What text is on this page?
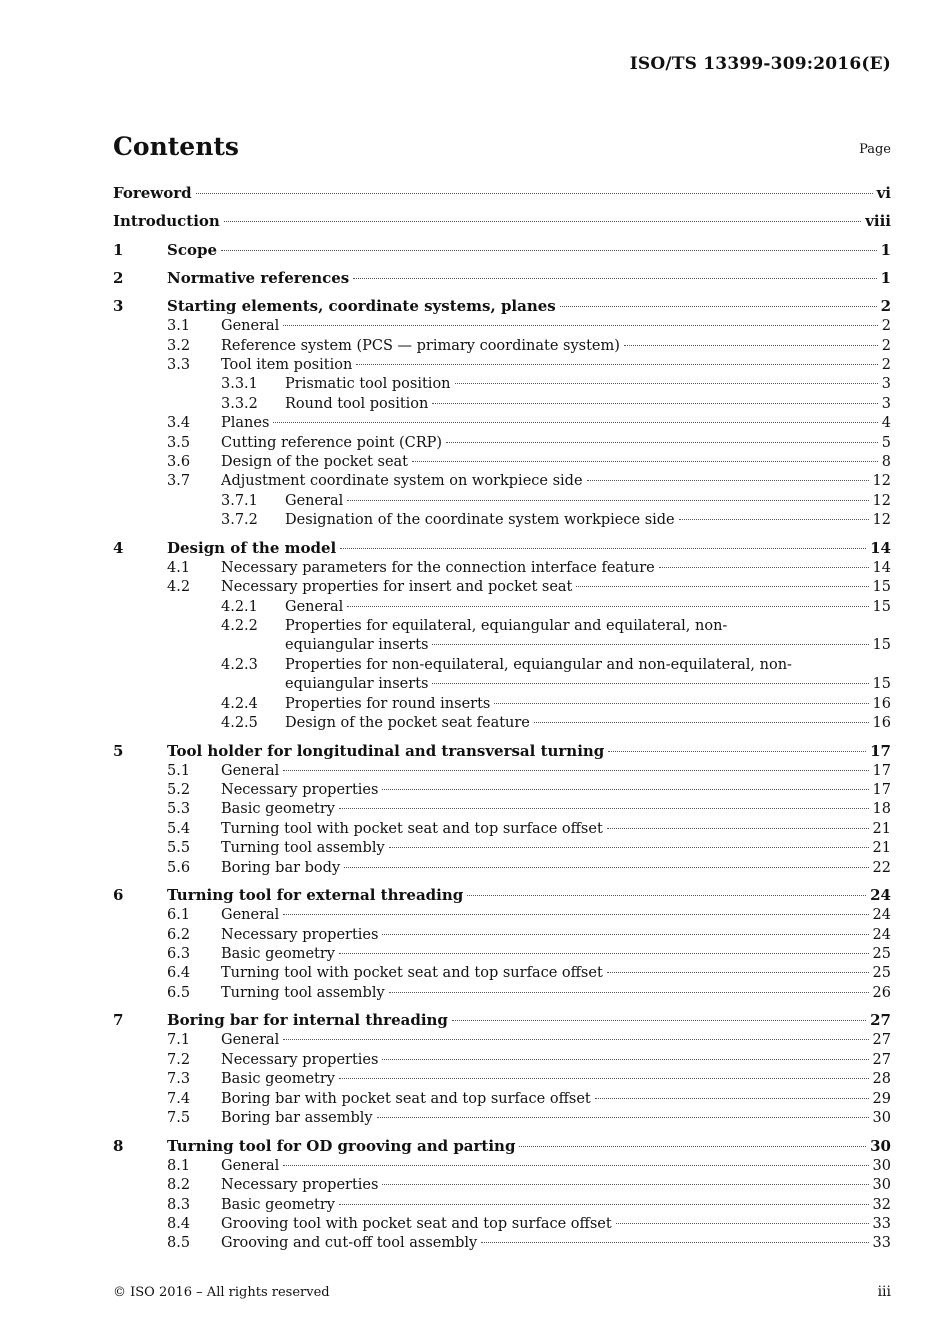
ISO/TS 13399-309:2016(E)
Contents	Page
Foreword	vi
Introduction	viii
1	Scope	1
2	Normative references	1
3	Starting elements, coordinate systems, planes	2
3.1 General	2
3.2 Reference system (PCS — primary coordinate system)	2
3.3 Tool item position	2
3.3.1 Prismatic tool position	3
3.3.2 Round tool position	3
3.4 Planes	4
3.5 Cutting reference point (CRP)	5
3.6 Design of the pocket seat	8
3.7 Adjustment coordinate system on workpiece side	12
3.7.1 General	12
3.7.2 Designation of the coordinate system workpiece side	12
4	Design of the model	14
4.1 Necessary parameters for the connection interface feature	14
4.2 Necessary properties for insert and pocket seat	15
4.2.1 General	15
4.2.2 Properties for equilateral, equiangular and equilateral, non-
equiangular inserts	15
4.2.3 Properties for non-equilateral, equiangular and non-equilateral, non-
equiangular inserts	15
4.2.4 Properties for round inserts	16
4.2.5 Design of the pocket seat feature	16
5	Tool holder for longitudinal and transversal turning	17
5.1 General	17
5.2 Necessary properties	17
5.3 Basic geometry	18
5.4 Turning tool with pocket seat and top surface offset	21
5.5 Turning tool assembly	21
5.6 Boring bar body	22
6	Turning tool for external threading	24
6.1 General	24
6.2 Necessary properties	24
6.3 Basic geometry	25
6.4 Turning tool with pocket seat and top surface offset	25
6.5 Turning tool assembly	26
7	Boring bar for internal threading	27
7.1 General	27
7.2 Necessary properties	27
7.3 Basic geometry	28
7.4 Boring bar with pocket seat and top surface offset	29
7.5 Boring bar assembly	30
8	Turning tool for OD grooving and parting	30
8.1 General	30
8.2 Necessary properties	30
8.3 Basic geometry	32
8.4 Grooving tool with pocket seat and top surface offset	33
8.5 Grooving and cut-off tool assembly	33
© ISO 2016 – All rights reserved	iii
